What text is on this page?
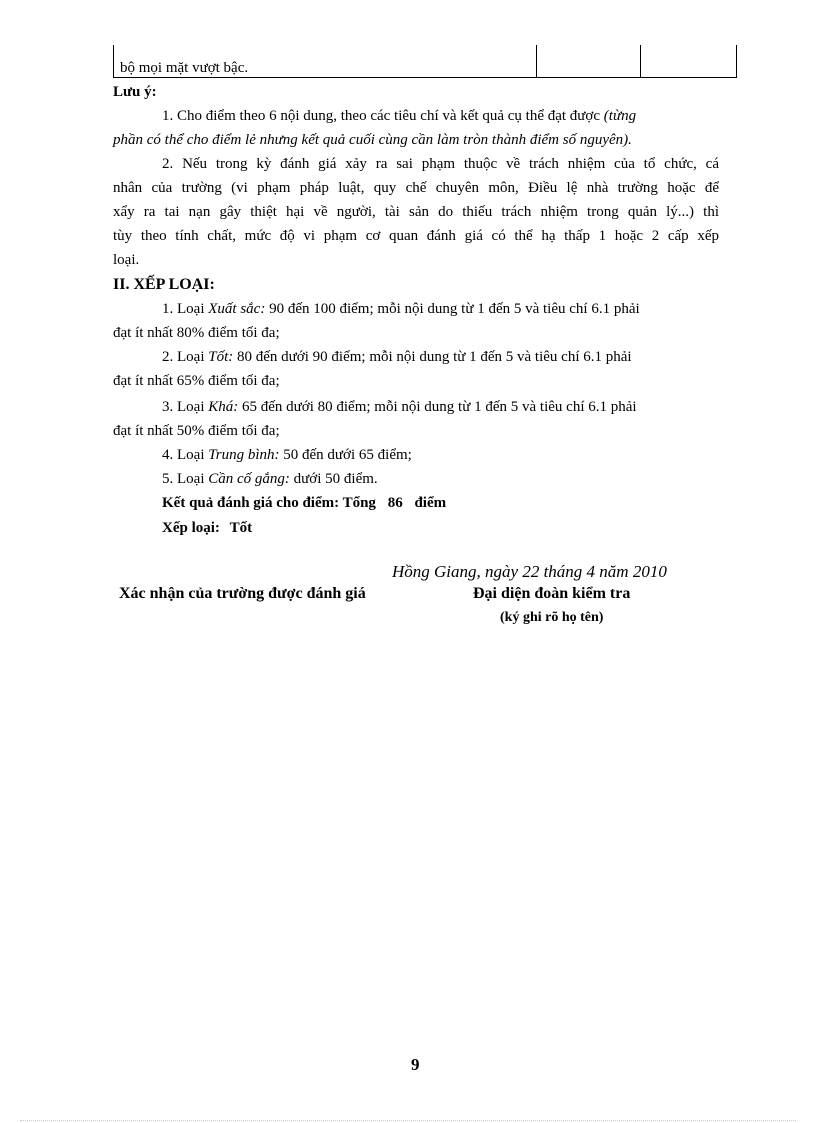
bộ mọi mặt vượt bậc.
Lưu ý:
1. Cho điểm theo 6 nội dung, theo các tiêu chí và kết quả cụ thể đạt được (từng
phần có thể cho điểm lẻ nhưng kết quả cuối cùng cần làm tròn thành điểm số nguyên).
2. Nếu trong kỳ đánh giá xảy ra sai phạm thuộc về trách nhiệm của tổ chức, cá
nhân của trường (vi phạm pháp luật, quy chế chuyên môn, Điều lệ nhà trường hoặc để
xẩy ra tai nạn gây thiệt hại về người, tài sản do thiếu trách nhiệm trong quản lý...) thì
tùy theo tính chất, mức độ vi phạm cơ quan đánh giá có thể hạ thấp 1 hoặc 2 cấp xếp
loại.
II. XẾP LOẠI:
1. Loại Xuất sắc: 90 đến 100 điểm; mỗi nội dung từ 1 đến 5 và tiêu chí 6.1 phải
đạt ít nhất 80% điểm tối đa;
2. Loại Tốt: 80 đến dưới 90 điểm; mỗi nội dung từ 1 đến 5 và tiêu chí 6.1 phải
đạt ít nhất 65% điểm tối đa;
3. Loại Khá: 65 đến dưới 80 điểm; mỗi nội dung từ 1 đến 5 và tiêu chí 6.1 phải
đạt ít nhất 50% điểm tối đa;
4. Loại Trung bình: 50 đến dưới 65 điểm;
5. Loại Cần cố gắng: dưới 50 điểm.
Kết quả đánh giá cho điểm: Tổng 86 điểm
Xếp loại: Tốt
Hồng Giang, ngày 22 tháng 4 năm 2010
Xác nhận của trường được đánh giá	Đại diện đoàn kiểm tra
(ký ghi rõ họ tên)
9
